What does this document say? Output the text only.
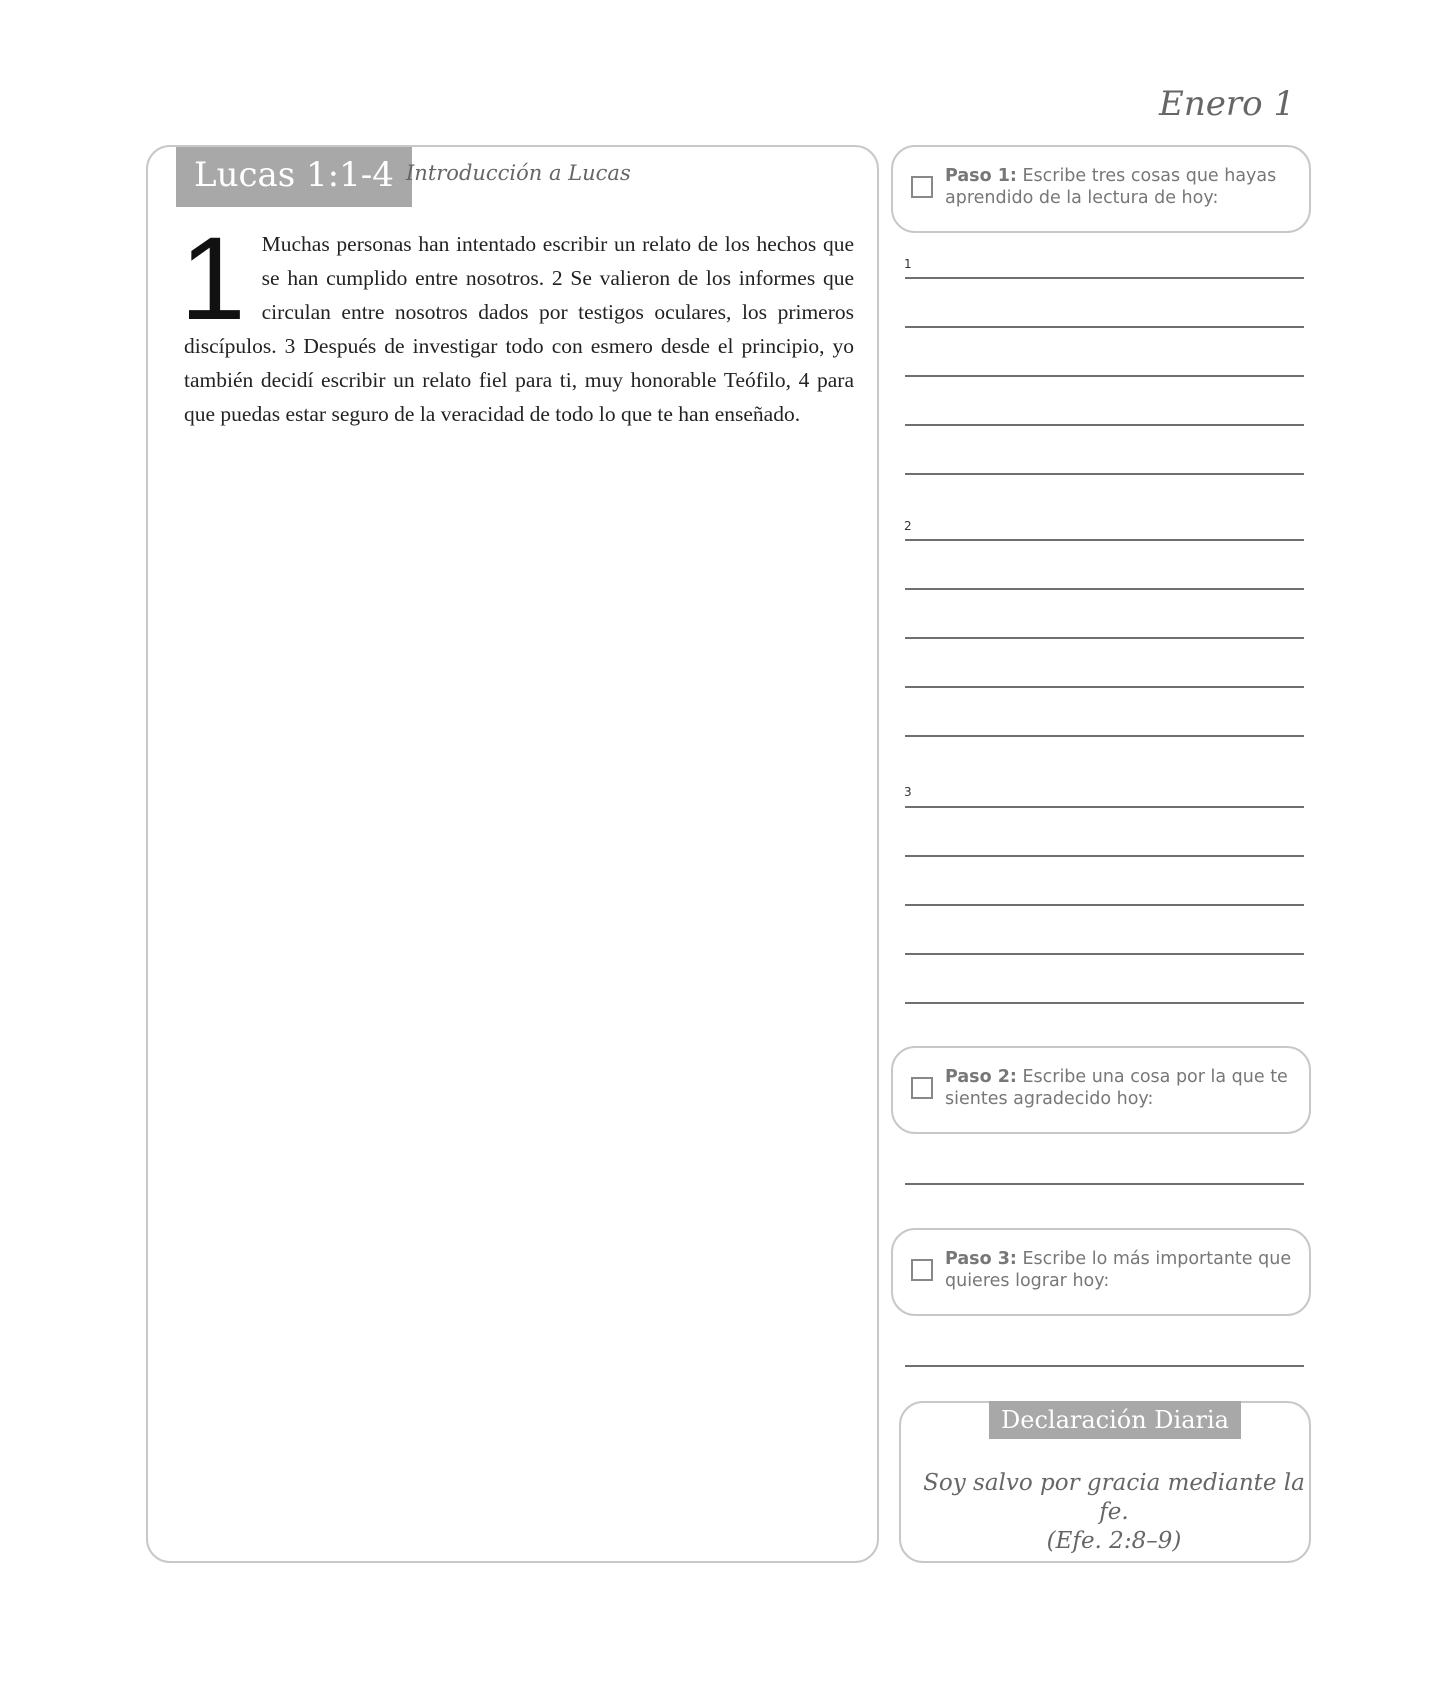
Enero 1
Lucas 1:1-4 Introducción a Lucas
1 Muchas personas han intentado escribir un relato de los hechos que se han cumplido entre nosotros. 2 Se valieron de los informes que circulan entre nosotros dados por testigos oculares, los primeros discípulos. 3 Después de investigar todo con esmero desde el principio, yo también decidí escribir un relato fiel para ti, muy honorable Teófilo, 4 para que puedas estar seguro de la veracidad de todo lo que te han enseñado.
Paso 1: Escribe tres cosas que hayas aprendido de la lectura de hoy:
1
2
3
Paso 2: Escribe una cosa por la que te sientes agradecido hoy:
Paso 3: Escribe lo más importante que quieres lograr hoy:
Declaración Diaria
Soy salvo por gracia mediante la fe.
(Efe. 2:8–9)
